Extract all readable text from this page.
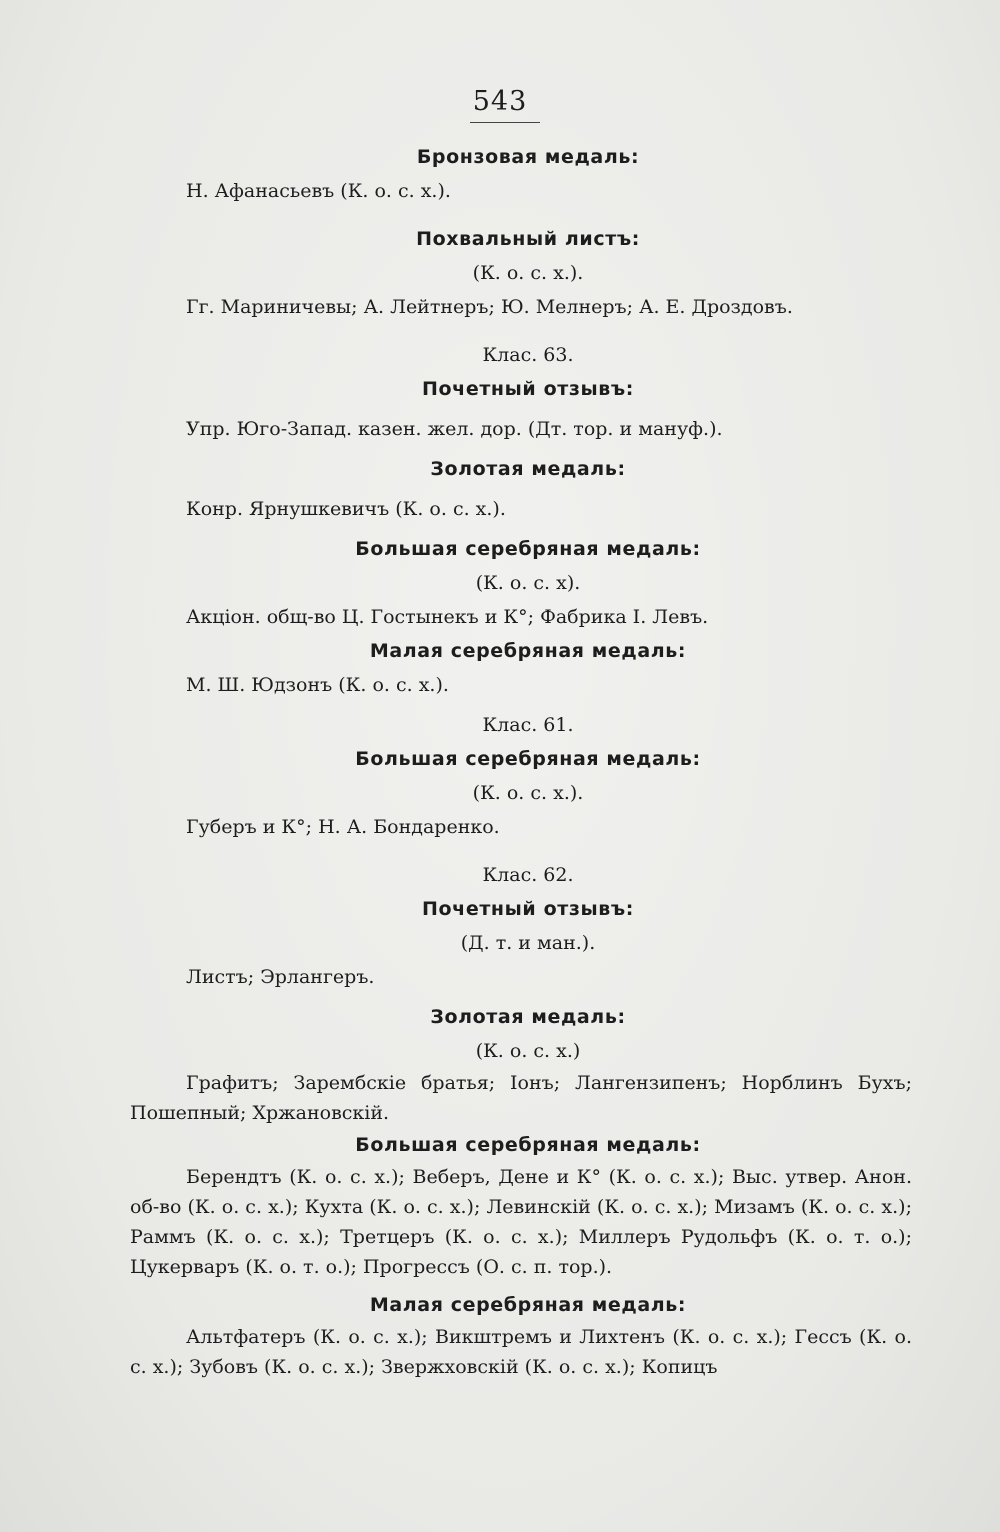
543
Бронзовая медаль:
Н. Афанасьевъ (К. о. с. х.).
Похвальный листъ:
(К. о. с. х.).
Гг. Мариничевы; А. Лейтнеръ; Ю. Мелнеръ; А. Е. Дроздовъ.
Клас. 63.
Почетный отзывъ:
Упр. Юго-Запад. казен. жел. дор. (Дт. тор. и мануф.).
Золотая медаль:
Конр. Ярнушкевичъ (К. о. с. х.).
Большая серебряная медаль:
(К. о. с. х).
Акціон. общ-во Ц. Гостынекъ и К°; Фабрика І. Левъ.
Малая серебряная медаль:
М. Ш. Юдзонъ (К. о. с. х.).
Клас. 61.
Большая серебряная медаль:
(К. о. с. х.).
Губеръ и К°; Н. А. Бондаренко.
Клас. 62.
Почетный отзывъ:
(Д. т. и ман.).
Листъ; Эрлангеръ.
Золотая медаль:
(К. о. с. х.)
Графитъ; Зарембскіе братья; Іонъ; Лангензипенъ; Норблинъ Бухъ; Пошепный; Хржановскій.
Большая серебряная медаль:
Берендтъ (К. о. с. х.); Веберъ, Дене и К° (К. о. с. х.); Выс. утвер. Анон. об-во (К. о. с. х.); Кухта (К. о. с. х.); Левинскій (К. о. с. х.); Мизамъ (К. о. с. х.); Раммъ (К. о. с. х.); Третцеръ (К. о. с. х.); Миллеръ Рудольфъ (К. о. т. о.); Цукерваръ (К. о. т. о.); Прогрессъ (О. с. п. тор.).
Малая серебряная медаль:
Альтфатеръ (К. о. с. х.); Викштремъ и Лихтенъ (К. о. с. х.); Гессъ (К. о. с. х.); Зубовъ (К. о. с. х.); Звержховскій (К. о. с. х.); Копицъ
